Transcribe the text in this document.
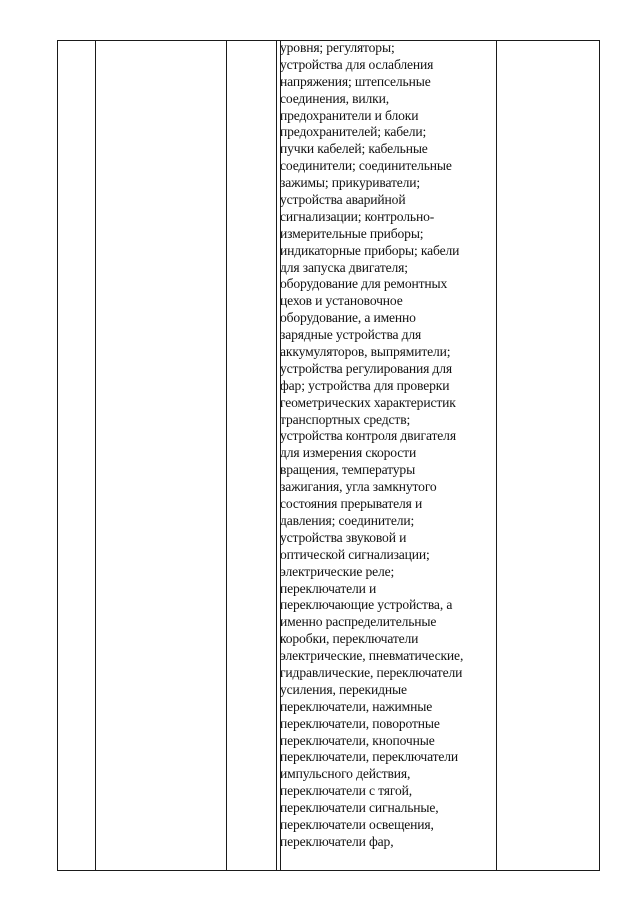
уровня; регуляторы;
устройства для ослабления
напряжения; штепсельные
соединения, вилки,
предохранители и блоки
предохранителей; кабели;
пучки кабелей; кабельные
соединители; соединительные
зажимы; прикуриватели;
устройства аварийной
сигнализации; контрольно-
измерительные приборы;
индикаторные приборы; кабели
для запуска двигателя;
оборудование для ремонтных
цехов и установочное
оборудование, а именно
зарядные устройства для
аккумуляторов, выпрямители;
устройства регулирования для
фар; устройства для проверки
геометрических характеристик
транспортных средств;
устройства контроля двигателя
для измерения скорости
вращения, температуры
зажигания, угла замкнутого
состояния прерывателя и
давления; соединители;
устройства звуковой и
оптической сигнализации;
электрические реле;
переключатели и
переключающие устройства, а
именно распределительные
коробки, переключатели
электрические, пневматические,
гидравлические, переключатели
усиления, перекидные
переключатели, нажимные
переключатели, поворотные
переключатели, кнопочные
переключатели, переключатели
импульсного действия,
переключатели с тягой,
переключатели сигнальные,
переключатели освещения,
переключатели фар,
